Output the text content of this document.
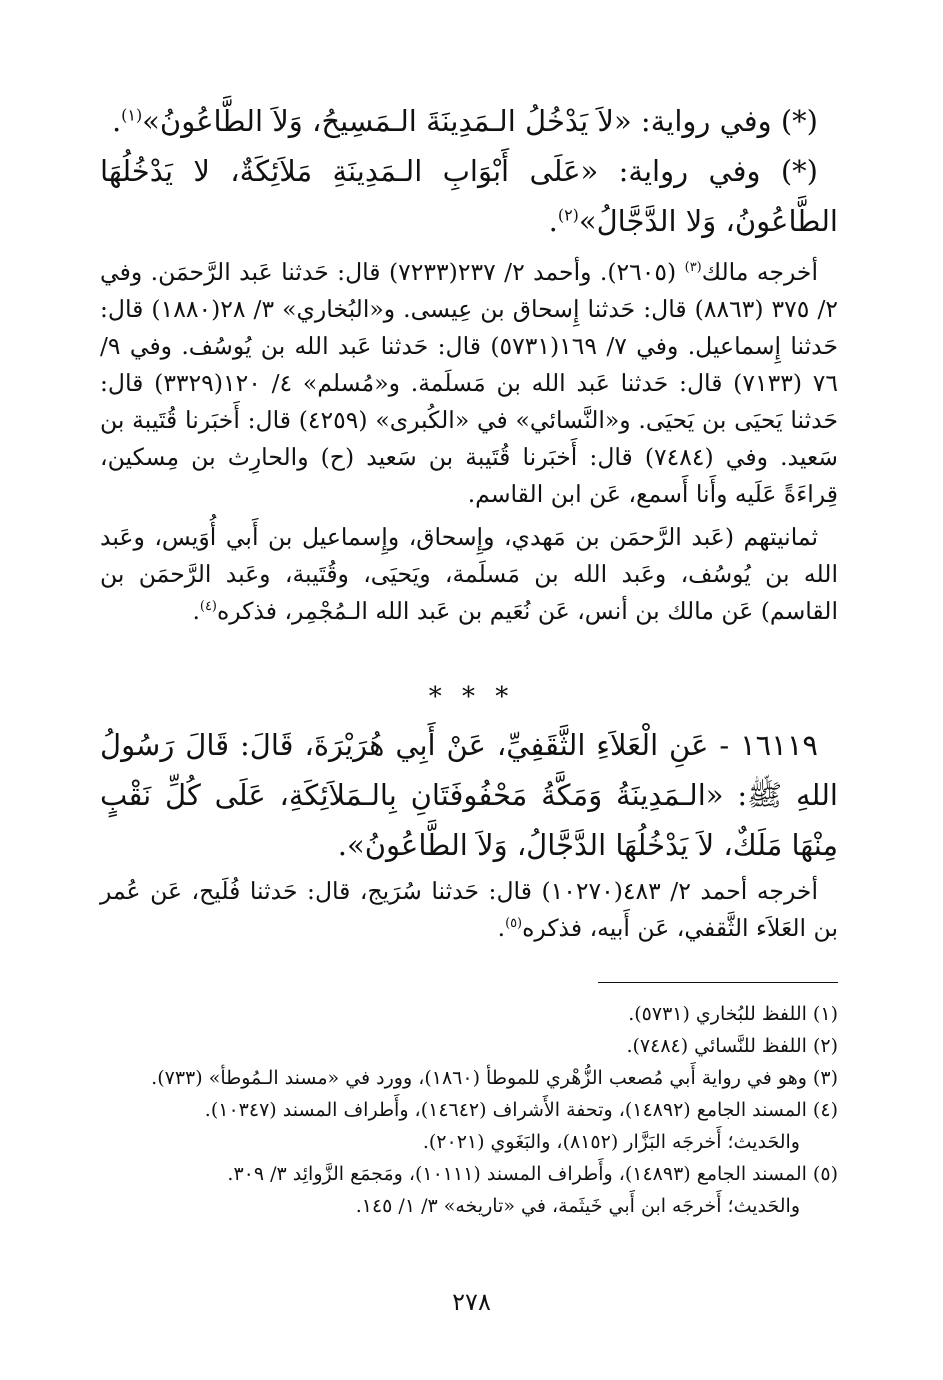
(*) وفي رواية: «لاَ يَدْخُلُ الـمَدِينَةَ الـمَسِيحُ، وَلاَ الطَّاعُونُ»$^{(١)}$.

(*) وفي رواية: «عَلَى أَبْوَابِ الـمَدِينَةِ مَلاَئِكَةٌ، لا يَدْخُلُهَا الطَّاعُونُ، وَلا الدَّجَّالُ»$^{(٢)}$.

أخرجه مالك$^{(٣)}$ (٢٦٠٥). وأحمد ٢/ ٢٣٧(٧٢٣٣) قال: حَدثنا عَبد الرَّحمَن. وفي ٢/ ٣٧٥ (٨٨٦٣) قال: حَدثنا إِسحاق بن عِيسى. و«البُخاري» ٣/ ٢٨(١٨٨٠) قال: حَدثنا إِسماعيل. وفي ٧/ ١٦٩(٥٧٣١) قال: حَدثنا عَبد الله بن يُوسُف. وفي ٩/ ٧٦ (٧١٣٣) قال: حَدثنا عَبد الله بن مَسلَمة. و«مُسلم» ٤/ ١٢٠(٣٣٢٩) قال: حَدثنا يَحيَى بن يَحيَى. و«النَّسائي» في «الكُبرى» (٤٢٥٩) قال: أَخبَرنا قُتَيبة بن سَعيد. وفي (٧٤٨٤) قال: أَخبَرنا قُتَيبة بن سَعيد (ح) والحارِث بن مِسكين، قِراءَةً عَلَيه وأَنا أَسمع، عَن ابن القاسم.

ثمانيتهم (عَبد الرَّحمَن بن مَهدي، وإِسحاق، وإِسماعيل بن أَبي أُوَيس، وعَبد الله بن يُوسُف، وعَبد الله بن مَسلَمة، ويَحيَى، وقُتَيبة، وعَبد الرَّحمَن بن القاسم) عَن مالك بن أنس، عَن نُعَيم بن عَبد الله الـمُجْمِر، فذكره$^{(٤)}$.

* * *

١٦١١٩ - عَنِ الْعَلاَءِ الثَّقَفِيِّ، عَنْ أَبِي هُرَيْرَةَ، قَالَ: قَالَ رَسُولُ اللهِ ﷺ: «الـمَدِينَةُ وَمَكَّةُ مَحْفُوفَتَانِ بِالـمَلاَئِكَةِ، عَلَى كُلِّ نَقْبٍ مِنْهَا مَلَكٌ، لاَ يَدْخُلُهَا الدَّجَّالُ، وَلاَ الطَّاعُونُ».

أخرجه أحمد ٢/ ٤٨٣(١٠٢٧٠) قال: حَدثنا سُرَيج، قال: حَدثنا فُلَيح، عَن عُمر بن العَلاَء الثَّقفي، عَن أَبيه، فذكره$^{(٥)}$.

(١) اللفظ للبُخاري (٥٧٣١).

(٢) اللفظ للنَّسائي (٧٤٨٤).

(٣) وهو في رواية أَبي مُصعب الزُّهْري للموطأ (١٨٦٠)، وورد في «مسند الـمُوطأ» (٧٣٣).

(٤) المسند الجامع (١٤٨٩٢)، وتحفة الأَشراف (١٤٦٤٢)، وأَطراف المسند (١٠٣٤٧).

والحَديث؛ أَخرجَه البَزَّار (٨١٥٢)، والبَغَوي (٢٠٢١).

(٥) المسند الجامع (١٤٨٩٣)، وأَطراف المسند (١٠١١١)، ومَجمَع الزَّوائِد ٣/ ٣٠٩.

والحَديث؛ أَخرجَه ابن أَبي خَيثَمة، في «تاريخه» ٣/ ١/ ١٤٥.

٢٧٨
